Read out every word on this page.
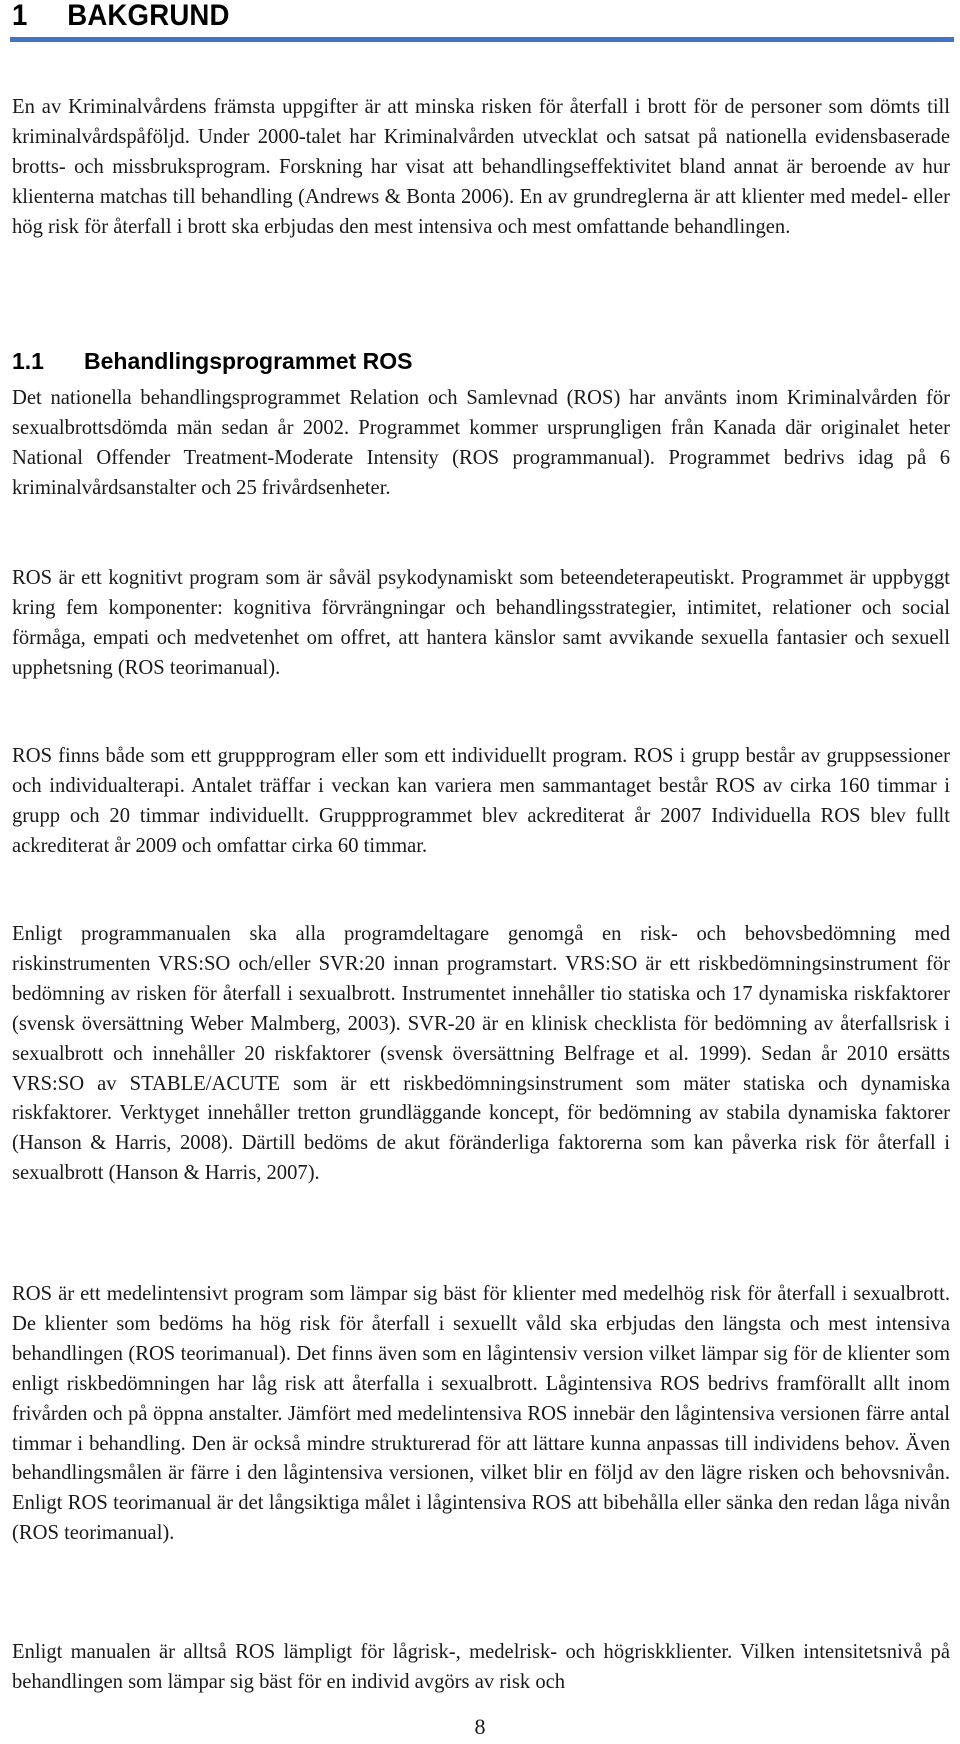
1 BAKGRUND

En av Kriminalvårdens främsta uppgifter är att minska risken för återfall i brott för de personer som dömts till kriminalvårdspåföljd. Under 2000-talet har Kriminalvården utvecklat och satsat på nationella evidensbaserade brotts- och missbruksprogram. Forskning har visat att behandlingseffektivitet bland annat är beroende av hur klienterna matchas till behandling (Andrews & Bonta 2006). En av grundreglerna är att klienter med medel- eller hög risk för återfall i brott ska erbjudas den mest intensiva och mest omfattande behandlingen.

1.1 Behandlingsprogrammet ROS

Det nationella behandlingsprogrammet Relation och Samlevnad (ROS) har använts inom Kriminalvården för sexualbrottsdömda män sedan år 2002. Programmet kommer ursprungligen från Kanada där originalet heter National Offender Treatment-Moderate Intensity (ROS programmanual). Programmet bedrivs idag på 6 kriminalvårdsanstalter och 25 frivårdsenheter.

ROS är ett kognitivt program som är såväl psykodynamiskt som beteendeterapeutiskt. Programmet är uppbyggt kring fem komponenter: kognitiva förvrängningar och behandlingsstrategier, intimitet, relationer och social förmåga, empati och medvetenhet om offret, att hantera känslor samt avvikande sexuella fantasier och sexuell upphetsning (ROS teorimanual).

ROS finns både som ett gruppprogram eller som ett individuellt program. ROS i grupp består av gruppsessioner och individualterapi. Antalet träffar i veckan kan variera men sammantaget består ROS av cirka 160 timmar i grupp och 20 timmar individuellt. Gruppprogrammet blev ackrediterat år 2007 Individuella ROS blev fullt ackrediterat år 2009 och omfattar cirka 60 timmar.

Enligt programmanualen ska alla programdeltagare genomgå en risk- och behovsbedömning med riskinstrumenten VRS:SO och/eller SVR:20 innan programstart. VRS:SO är ett riskbedömningsinstrument för bedömning av risken för återfall i sexualbrott. Instrumentet innehåller tio statiska och 17 dynamiska riskfaktorer (svensk översättning Weber Malmberg, 2003). SVR-20 är en klinisk checklista för bedömning av återfallsrisk i sexualbrott och innehåller 20 riskfaktorer (svensk översättning Belfrage et al. 1999). Sedan år 2010 ersätts VRS:SO av STABLE/ACUTE som är ett riskbedömningsinstrument som mäter statiska och dynamiska riskfaktorer. Verktyget innehåller tretton grundläggande koncept, för bedömning av stabila dynamiska faktorer (Hanson & Harris, 2008). Därtill bedöms de akut föränderliga faktorerna som kan påverka risk för återfall i sexualbrott (Hanson & Harris, 2007).

ROS är ett medelintensivt program som lämpar sig bäst för klienter med medelhög risk för återfall i sexualbrott. De klienter som bedöms ha hög risk för återfall i sexuellt våld ska erbjudas den längsta och mest intensiva behandlingen (ROS teorimanual). Det finns även som en lågintensiv version vilket lämpar sig för de klienter som enligt riskbedömningen har låg risk att återfalla i sexualbrott. Lågintensiva ROS bedrivs framförallt allt inom frivården och på öppna anstalter. Jämfört med medelintensiva ROS innebär den lågintensiva versionen färre antal timmar i behandling. Den är också mindre strukturerad för att lättare kunna anpassas till individens behov. Även behandlingsmålen är färre i den lågintensiva versionen, vilket blir en följd av den lägre risken och behovsnivån. Enligt ROS teorimanual är det långsiktiga målet i lågintensiva ROS att bibehålla eller sänka den redan låga nivån (ROS teorimanual).

Enligt manualen är alltså ROS lämpligt för lågrisk-, medelrisk- och högriskklienter. Vilken intensitetsnivå på behandlingen som lämpar sig bäst för en individ avgörs av risk och

8
